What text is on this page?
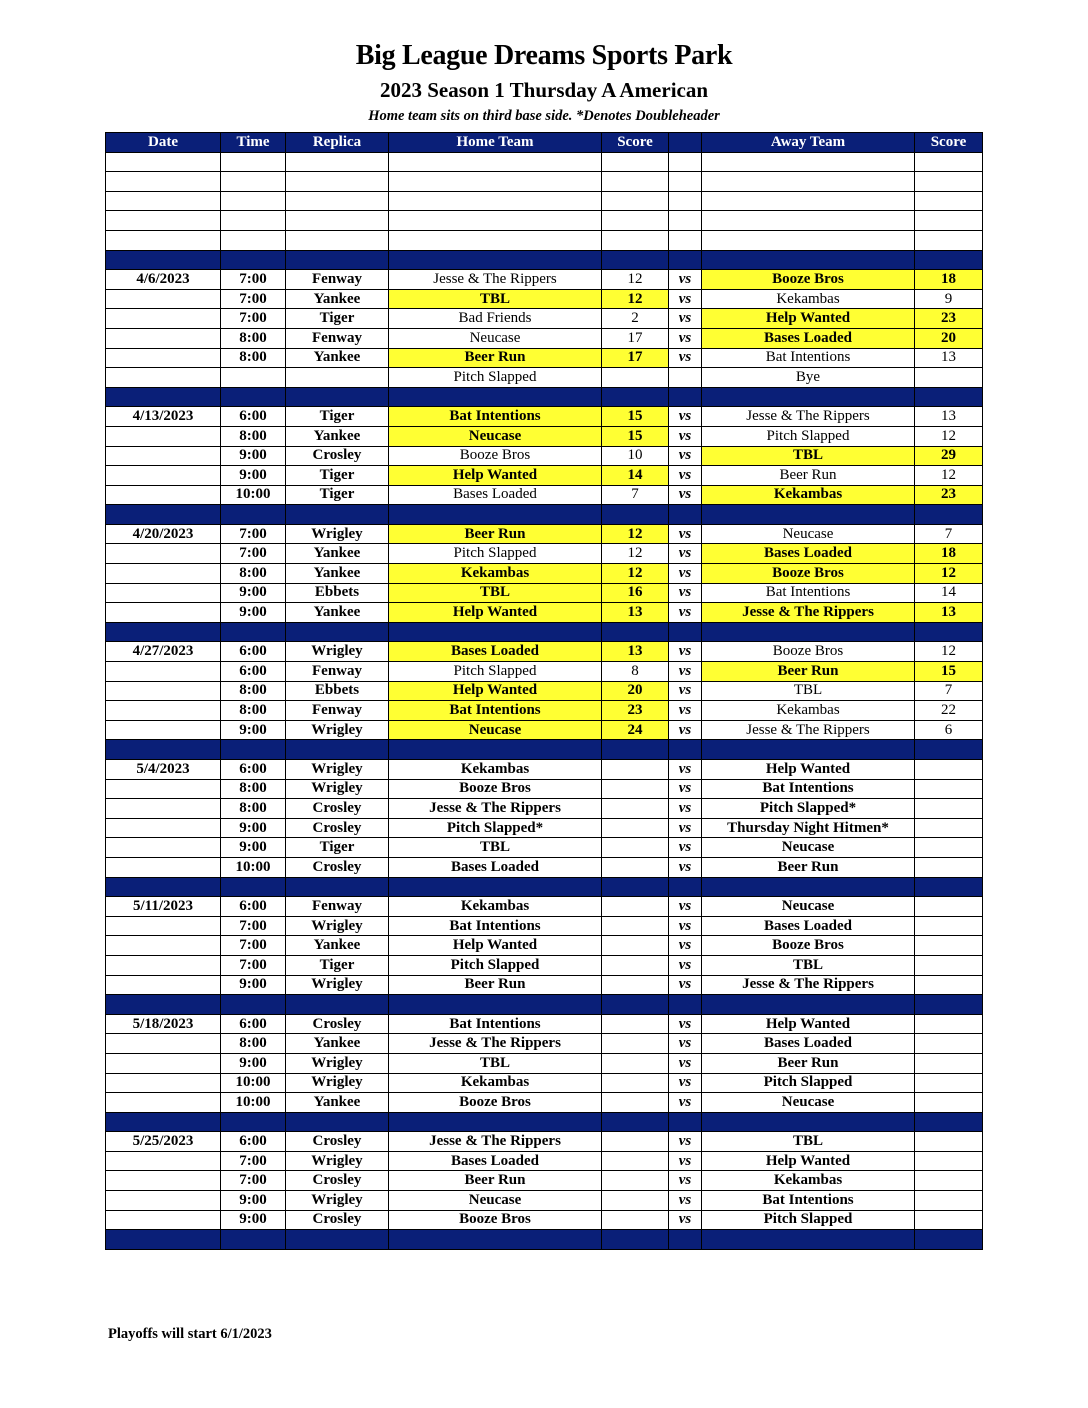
Big League Dreams Sports Park
2023 Season 1 Thursday A American
Home team sits on third base side. *Denotes Doubleheader
Date	Time	Replica	Home Team	Score		Away Team	Score

4/6/2023	7:00	Fenway	Jesse & The Rippers	12	vs	Booze Bros	18
	7:00	Yankee	TBL	12	vs	Kekambas	9
	7:00	Tiger	Bad Friends	2	vs	Help Wanted	23
	8:00	Fenway	Neucase	17	vs	Bases Loaded	20
	8:00	Yankee	Beer Run	17	vs	Bat Intentions	13
			Pitch Slapped			Bye	

4/13/2023	6:00	Tiger	Bat Intentions	15	vs	Jesse & The Rippers	13
	8:00	Yankee	Neucase	15	vs	Pitch Slapped	12
	9:00	Crosley	Booze Bros	10	vs	TBL	29
	9:00	Tiger	Help Wanted	14	vs	Beer Run	12
	10:00	Tiger	Bases Loaded	7	vs	Kekambas	23

4/20/2023	7:00	Wrigley	Beer Run	12	vs	Neucase	7
	7:00	Yankee	Pitch Slapped	12	vs	Bases Loaded	18
	8:00	Yankee	Kekambas	12	vs	Booze Bros	12
	9:00	Ebbets	TBL	16	vs	Bat Intentions	14
	9:00	Yankee	Help Wanted	13	vs	Jesse & The Rippers	13

4/27/2023	6:00	Wrigley	Bases Loaded	13	vs	Booze Bros	12
	6:00	Fenway	Pitch Slapped	8	vs	Beer Run	15
	8:00	Ebbets	Help Wanted	20	vs	TBL	7
	8:00	Fenway	Bat Intentions	23	vs	Kekambas	22
	9:00	Wrigley	Neucase	24	vs	Jesse & The Rippers	6

5/4/2023	6:00	Wrigley	Kekambas		vs	Help Wanted	
	8:00	Wrigley	Booze Bros		vs	Bat Intentions	
	8:00	Crosley	Jesse & The Rippers		vs	Pitch Slapped*	
	9:00	Crosley	Pitch Slapped*		vs	Thursday Night Hitmen*	
	9:00	Tiger	TBL		vs	Neucase	
	10:00	Crosley	Bases Loaded		vs	Beer Run	

5/11/2023	6:00	Fenway	Kekambas		vs	Neucase	
	7:00	Wrigley	Bat Intentions		vs	Bases Loaded	
	7:00	Yankee	Help Wanted		vs	Booze Bros	
	7:00	Tiger	Pitch Slapped		vs	TBL	
	9:00	Wrigley	Beer Run		vs	Jesse & The Rippers	

5/18/2023	6:00	Crosley	Bat Intentions		vs	Help Wanted	
	8:00	Yankee	Jesse & The Rippers		vs	Bases Loaded	
	9:00	Wrigley	TBL		vs	Beer Run	
	10:00	Wrigley	Kekambas		vs	Pitch Slapped	
	10:00	Yankee	Booze Bros		vs	Neucase	

5/25/2023	6:00	Crosley	Jesse & The Rippers		vs	TBL	
	7:00	Wrigley	Bases Loaded		vs	Help Wanted	
	7:00	Crosley	Beer Run		vs	Kekambas	
	9:00	Wrigley	Neucase		vs	Bat Intentions	
	9:00	Crosley	Booze Bros		vs	Pitch Slapped	

Playoffs will start 6/1/2023
